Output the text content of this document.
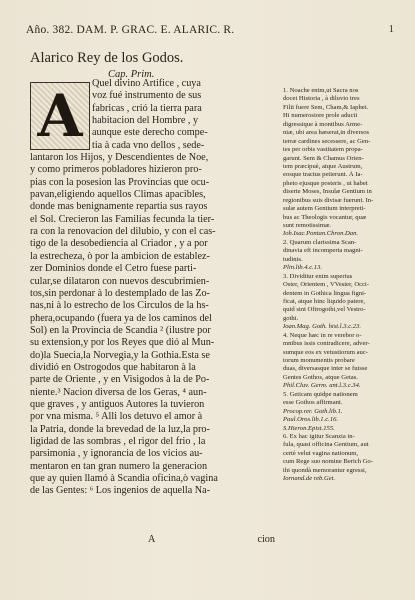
Año. 382. DAM. P. GRAC. E. ALARIC. R.	1
Alarico Rey de los Godos.
Cap. Prim.
A Quel divino Artifice , cuya
voz fué instrumento de sus
fabricas , crió la tierra para
habitacion del Hombre , y
aunque este derecho compe-
tia à cada vno dellos , sede-
lantaron los Hijos, y Descendientes de Noe,
y como primeros pobladores hizieron pro-
pias con la posesion las Provincias que ocu-
pavan,eligiendo aquellos Climas apacibles,
donde mas benignamente repartia sus rayos
el Sol. Crecieron las Familias fecunda la tier-
ra con la renovacion del dilubio, y con el cas-
tigo de la desobediencia al Criador , y a por
la estrecheza, ò por la ambicion de establez-
zer Dominios donde el Cetro fuese parti-
cular,se dilataron con nuevos descubrimien-
tos,sin perdonar à lo destemplado de las Zo-
nas,ni à lo estrecho de los Circulos de la hs-
phera,ocupando (fuera ya de los caminos del
Sol) en la Provincia de Scandia ² (ilustre por
su extension,y por los Reyes que dió al Mun-
do)la Suecia,la Norvegia,y la Gothia.Esta se
dividió en Ostrogodos que habitaron à la
parte de Oriente , y en Visigodos à la de Po-
niente.³ Nacion diversa de los Geras, ⁴ aun-
que graves , y antiguos Autores la tuvieron
por vna misma. ⁵ Alli los detuvo el amor à
la Patria, donde la brevedad de la luz,la pro-
ligidad de las sombras , el rigor del frio , la
parsimonia , y ignorancia de los vicios au-
mentaron en tan gran numero la generacion
que ay quien llamó à Scandia oficina,ò vagina
de las Gentes: ⁶ Los ingenios de aquella Na-
1. Noache enim,ut Sacra nos
docet Historia , à diluvio tres
Filii fuere Sem, Cham,& Iaphet.
Hi numerosiore prole aducti
digressique à montibus Arme-
niæ, ubi area hæserat,in diversos
terræ cardines secessere, ac Gen-
tes per orbis vastitatem propa-
garunt. Sem & Chamus Orien-
tem præcipuè, atque Austrum,
eosque tractus petierunt. À Ia-
pheto ejusque posteris , ut habet
diserte Moses, Insulæ Gentium in
regionibus suis divisæ fuerunt. In-
sulæ autem Gentium interpreti-
bus ac Theologis vocantur, quæ
sunt remotissimæ.
Ioh.Isac.Pontan.Chron.Dan.
2. Quarum clarissima Scan-
dinavia eft incomperta magni-
tudinis.
Plin.lib.4.c.13.
3. Dividitur enim superius
Oster, Orientem , VVester, Occi-
dentem in Gothica lingua figni-
ficat, atque hinc liquido patere,
quid sint Oftrogothi,vel Vestro-
gothi.
Ioan.Mag. Goth. hist.l.3.c.23.
4. Neque hæc in re verebor o-
mnibus issis contradicere, adver-
sumque eos ex vetustiorum auc-
torum monumentis probare
duas, diversasque inter se fuisse
Gentes Gothos, atque Getas.
Phil.Cluv. Germ. ant.l.3.c.34.
5. Geticam quidpe nationem
esse Gothos affirmant.
Procop.rer. Goth.lib.1.
Paul.Oros.lib.1.c.16.
S.Hieron.Epist.155.
6. Ex hac igitur Scanzia in-
fula, quasi officina Gentium, aut
certè velut vagina nationum,
cum Rege suo nomine Berich Go-
thi quondà memorantur egressi,
Iornand.de reb.Get.
A	cion
